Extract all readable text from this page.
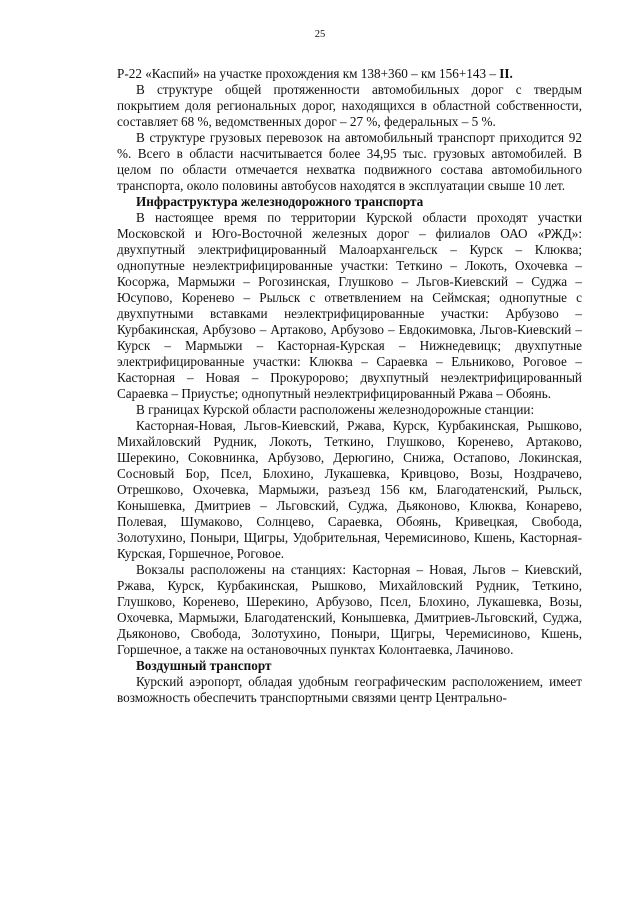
25

Р-22 «Каспий» на участке прохождения км 138+360 – км 156+143 – II.

В структуре общей протяженности автомобильных дорог с твердым покрытием доля региональных дорог, находящихся в областной собственности, составляет 68 %, ведомственных дорог – 27 %, федеральных – 5 %.

В структуре грузовых перевозок на автомобильный транспорт приходится 92 %. Всего в области насчитывается более 34,95 тыс. грузовых автомобилей. В целом по области отмечается нехватка подвижного состава автомобильного транспорта, около половины автобусов находятся в эксплуатации свыше 10 лет.

Инфраструктура железнодорожного транспорта

В настоящее время по территории Курской области проходят участки Московской и Юго-Восточной железных дорог – филиалов ОАО «РЖД»: двухпутный электрифицированный Малоархангельск – Курск – Клюква; однопутные неэлектрифицированные участки: Теткино – Локоть, Охочевка – Косоржа, Мармыжи – Рогозинская, Глушково – Льгов-Киевский – Суджа – Юсупово, Коренево – Рыльск с ответвлением на Сеймская; однопутные с двухпутными вставками неэлектрифицированные участки: Арбузово – Курбакинская, Арбузово – Артаково, Арбузово – Евдокимовка, Льгов-Киевский – Курск – Мармыжи – Касторная-Курская – Нижнедевицк; двухпутные электрифицированные участки: Клюква – Сараевка – Ельниково, Роговое – Касторная – Новая – Прокуророво; двухпутный неэлектрифицированный Сараевка – Приустье; однопутный неэлектрифицированный Ржава – Обоянь.

В границах Курской области расположены железнодорожные станции:

Касторная-Новая, Льгов-Киевский, Ржава, Курск, Курбакинская, Рышково, Михайловский Рудник, Локоть, Теткино, Глушково, Коренево, Артаково, Шерекино, Соковнинка, Арбузово, Дерюгино, Снижа, Остапово, Локинская, Сосновый Бор, Псел, Блохино, Лукашевка, Кривцово, Возы, Ноздрачево, Отрешково, Охочевка, Мармыжи, разъезд 156 км, Благодатенский, Рыльск, Конышевка, Дмитриев – Льговский, Суджа, Дьяконово, Клюква, Конарево, Полевая, Шумаково, Солнцево, Сараевка, Обоянь, Кривецкая, Свобода, Золотухино, Поныри, Щигры, Удобрительная, Черемисиново, Кшень, Касторная-Курская, Горшечное, Роговое.

Вокзалы расположены на станциях: Касторная – Новая, Льгов – Киевский, Ржава, Курск, Курбакинская, Рышково, Михайловский Рудник, Теткино, Глушково, Коренево, Шерекино, Арбузово, Псел, Блохино, Лукашевка, Возы, Охочевка, Мармыжи, Благодатенский, Конышевка, Дмитриев-Льговский, Суджа, Дьяконово, Свобода, Золотухино, Поныри, Щигры, Черемисиново, Кшень, Горшечное, а также на остановочных пунктах Колонтаевка, Лачиново.

Воздушный транспорт

Курский аэропорт, обладая удобным географическим расположением, имеет возможность обеспечить транспортными связями центр Центрально-
